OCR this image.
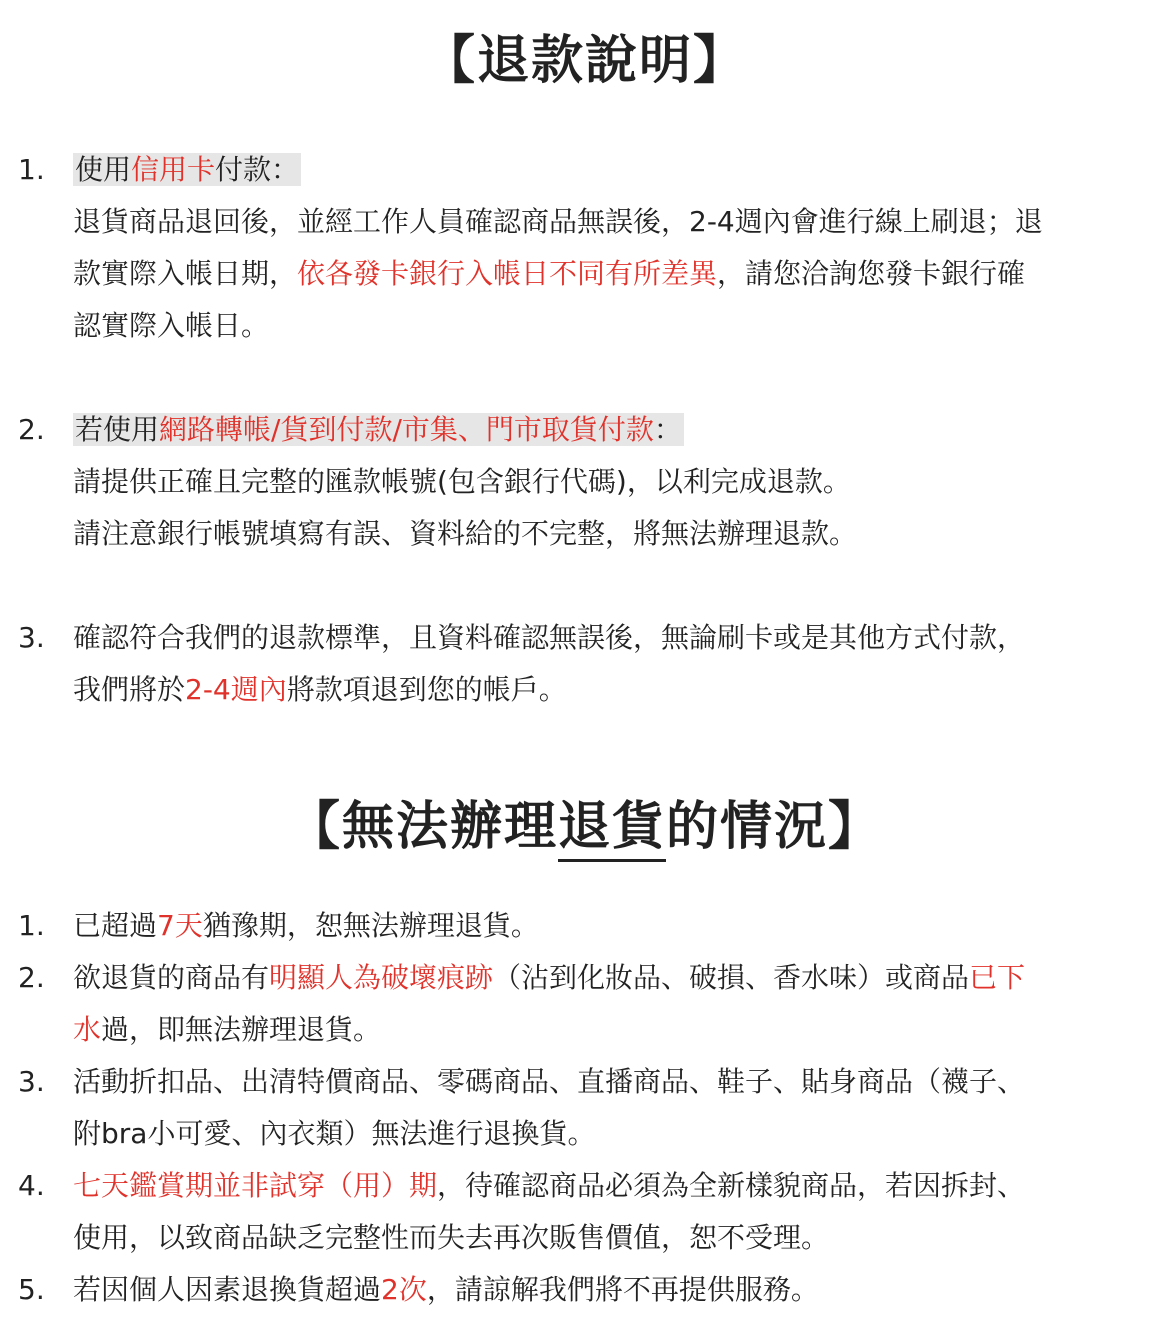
【退款說明】
1.	使用信用卡付款：
退貨商品退回後，並經工作人員確認商品無誤後，2-4週內會進行線上刷退；退
款實際入帳日期，依各發卡銀行入帳日不同有所差異，請您洽詢您發卡銀行確
認實際入帳日。
2.	若使用網路轉帳/貨到付款/市集、門市取貨付款：
請提供正確且完整的匯款帳號(包含銀行代碼)，以利完成退款。
請注意銀行帳號填寫有誤、資料給的不完整，將無法辦理退款。
3.	確認符合我們的退款標準，且資料確認無誤後，無論刷卡或是其他方式付款，
我們將於2-4週內將款項退到您的帳戶。
【無法辦理退貨的情況】
1.	已超過7天猶豫期，恕無法辦理退貨。
2.	欲退貨的商品有明顯人為破壞痕跡（沾到化妝品、破損、香水味）或商品已下
水過，即無法辦理退貨。
3.	活動折扣品、出清特價商品、零碼商品、直播商品、鞋子、貼身商品（襪子、
附bra小可愛、內衣類）無法進行退換貨。
4.	七天鑑賞期並非試穿（用）期，待確認商品必須為全新樣貌商品，若因拆封、
使用，以致商品缺乏完整性而失去再次販售價值，恕不受理。
5.	若因個人因素退換貨超過2次，請諒解我們將不再提供服務。
